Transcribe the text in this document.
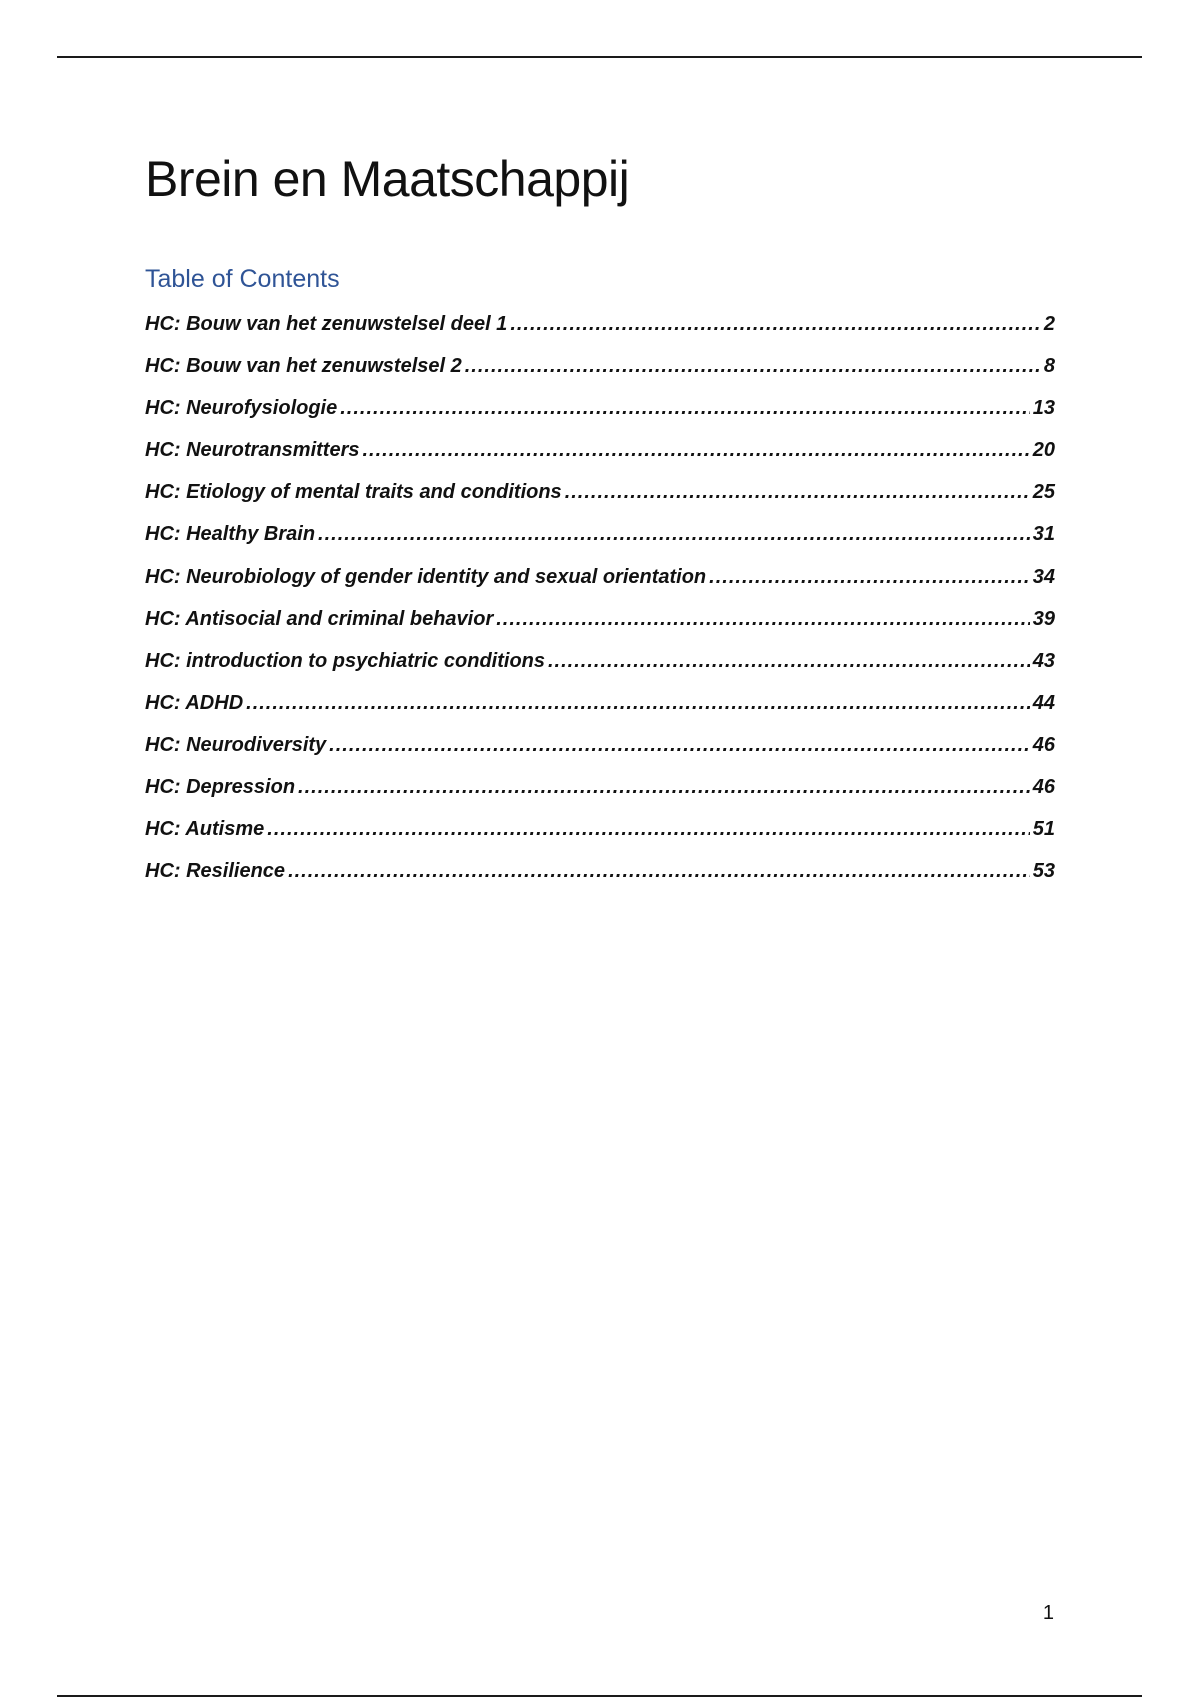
Brein en Maatschappij
Table of Contents
HC: Bouw van het zenuwstelsel deel 1 .....	2
HC: Bouw van het zenuwstelsel 2 .....	8
HC: Neurofysiologie .....	13
HC: Neurotransmitters .....	20
HC: Etiology of mental traits and conditions .....	25
HC: Healthy Brain .....	31
HC: Neurobiology of gender identity and sexual orientation .....	34
HC: Antisocial and criminal behavior .....	39
HC: introduction to psychiatric conditions .....	43
HC: ADHD .....	44
HC: Neurodiversity .....	46
HC: Depression .....	46
HC: Autisme .....	51
HC: Resilience .....	53
1
